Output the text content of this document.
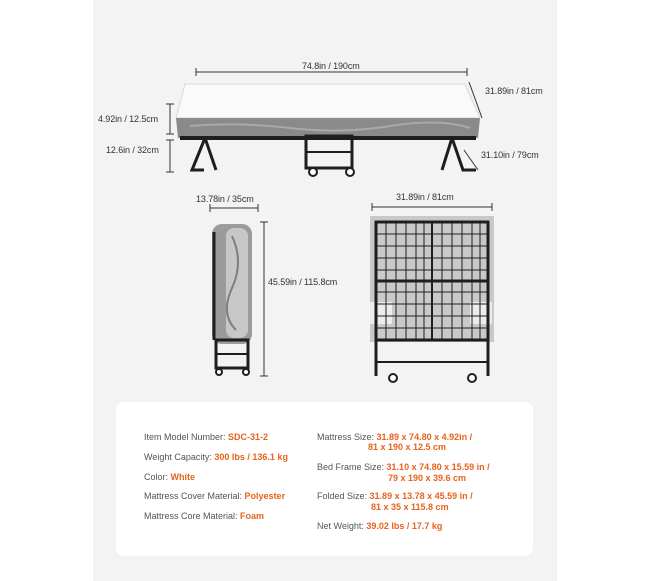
74.8in / 190cm
31.89in / 81cm
4.92in / 12.5cm
12.6in / 32cm	31.10in / 79cm
13.78in / 35cm
45.59in / 115.8cm
31.89in / 81cm
Item Model Number: SDC-31-2
Weight Capacity: 300 lbs / 136.1 kg
Color: White
Mattress Cover Material: Polyester
Mattress Core Material: Foam
Mattress Size: 31.89 x 74.80 x 4.92in /
81 x 190 x 12.5 cm
Bed Frame Size: 31.10 x 74.80 x 15.59 in /
79 x 190 x 39.6 cm
Folded Size: 31.89 x 13.78 x 45.59 in /
81 x 35 x 115.8 cm
Net Weight: 39.02 lbs / 17.7 kg
